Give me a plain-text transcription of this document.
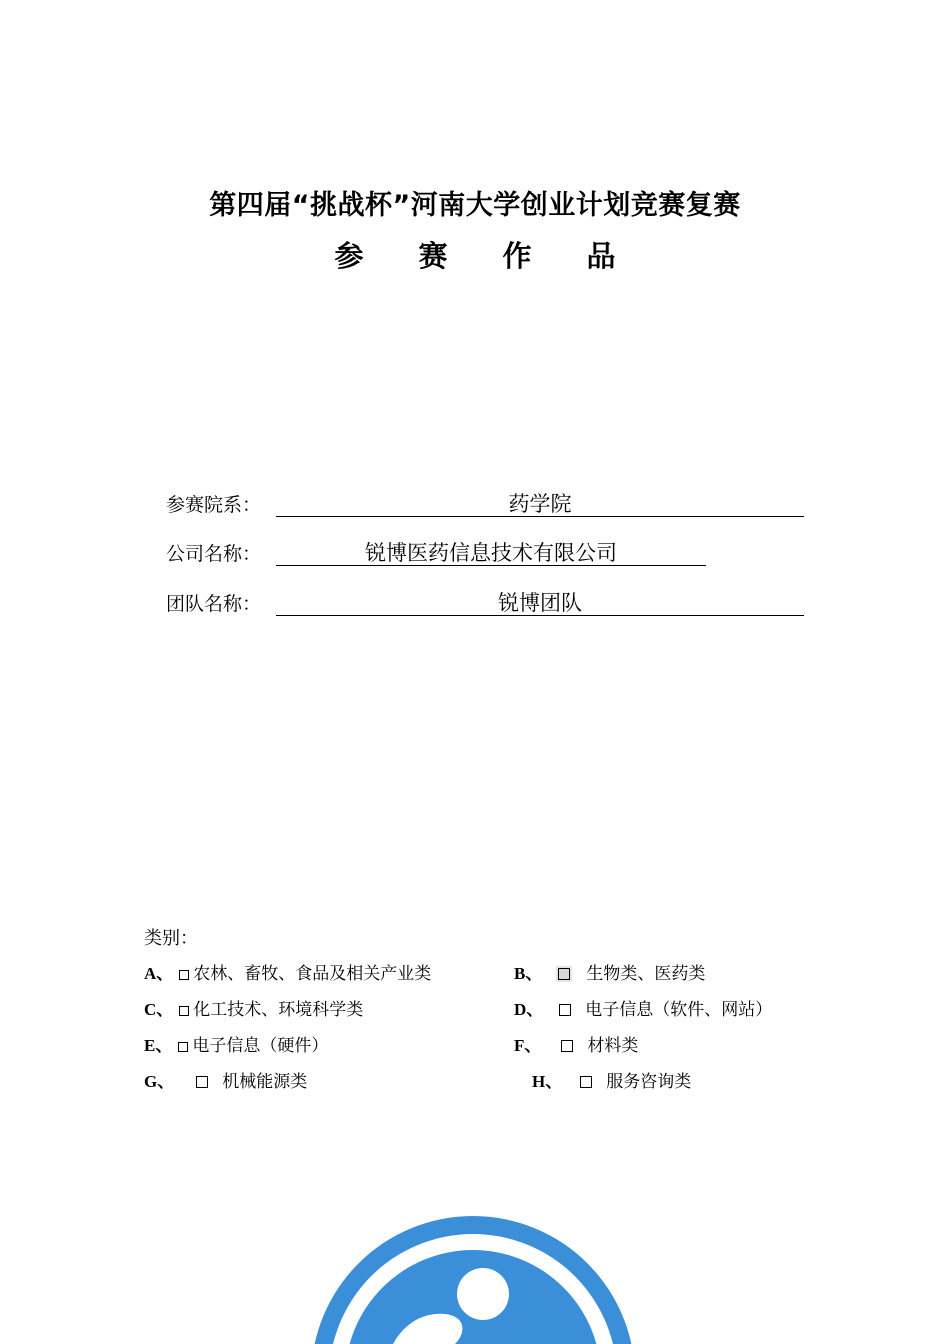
第四届“挑战杯”河南大学创业计划竞赛复赛
参赛作品
参赛院系：	药学院
公司名称：	锐博医药信息技术有限公司
团队名称：	锐博团队
类别：
A、 农林、畜牧、食品及相关产业类	B、	生物类、医药类
C、 化工技术、环境科学类	D、 电子信息（软件、网站）
E、 电子信息（硬件）	F、	材料类
G、	机械能源类	H、	服务咨询类
